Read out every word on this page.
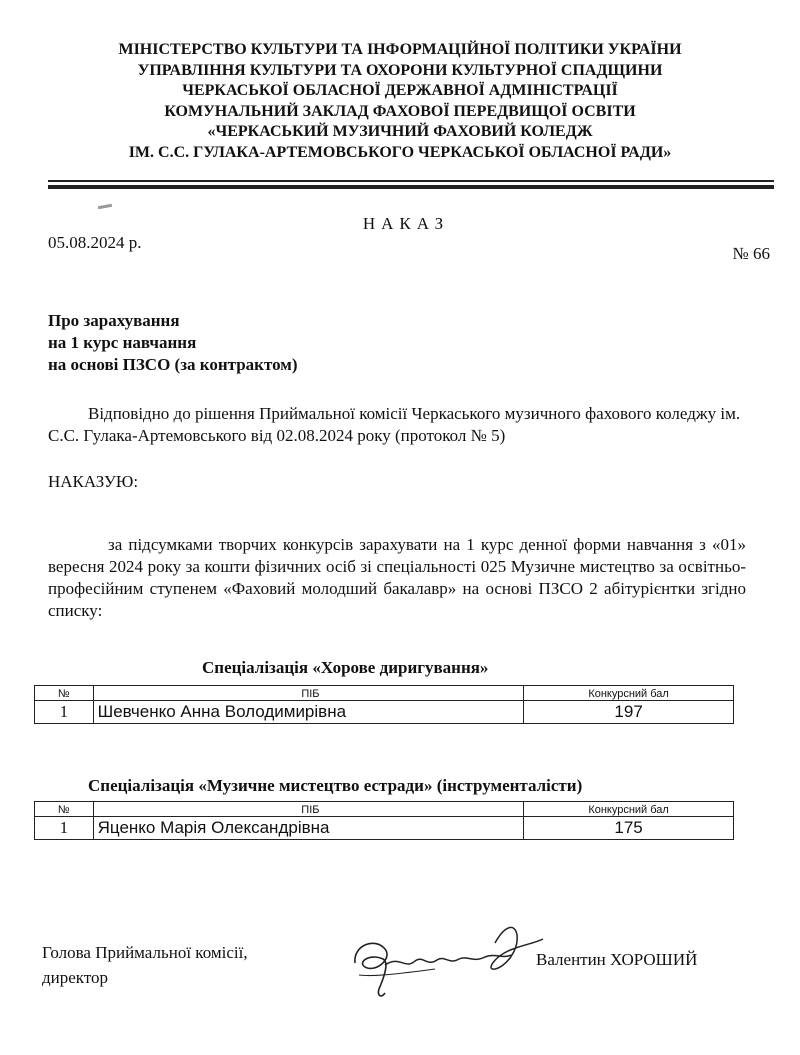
МІНІСТЕРСТВО КУЛЬТУРИ ТА ІНФОРМАЦІЙНОЇ ПОЛІТИКИ УКРАЇНИ
УПРАВЛІННЯ КУЛЬТУРИ ТА ОХОРОНИ КУЛЬТУРНОЇ СПАДЩИНИ
ЧЕРКАСЬКОЇ ОБЛАСНОЇ ДЕРЖАВНОЇ АДМІНІСТРАЦІЇ
КОМУНАЛЬНИЙ ЗАКЛАД ФАХОВОЇ ПЕРЕДВИЩОЇ ОСВІТИ
«ЧЕРКАСЬКИЙ МУЗИЧНИЙ ФАХОВИЙ КОЛЕДЖ
ІМ. С.С. ГУЛАКА-АРТЕМОВСЬКОГО ЧЕРКАСЬКОЇ ОБЛАСНОЇ РАДИ»
НАКАЗ
05.08.2024 р.
№ 66
Про зарахування
на 1 курс навчання
на основі ПЗСО (за контрактом)
Відповідно до рішення Приймальної комісії Черкаського музичного фахового коледжу ім. С.С. Гулака-Артемовського від 02.08.2024 року (протокол № 5)
НАКАЗУЮ:
за підсумками творчих конкурсів зарахувати на 1 курс денної форми навчання з «01» вересня 2024 року за кошти фізичних осіб зі спеціальності 025 Музичне мистецтво за освітньо-професійним ступенем «Фаховий молодший бакалавр» на основі ПЗСО 2 абітурієнтки згідно списку:
Спеціалізація «Хорове диригування»
№	ПІБ	Конкурсний бал
1	Шевченко Анна Володимирівна	197
Спеціалізація «Музичне мистецтво естради» (інструменталісти)
№	ПІБ	Конкурсний бал
1	Яценко Марія Олександрівна	175
Голова Приймальної комісії,
директор
Валентин ХОРОШИЙ
